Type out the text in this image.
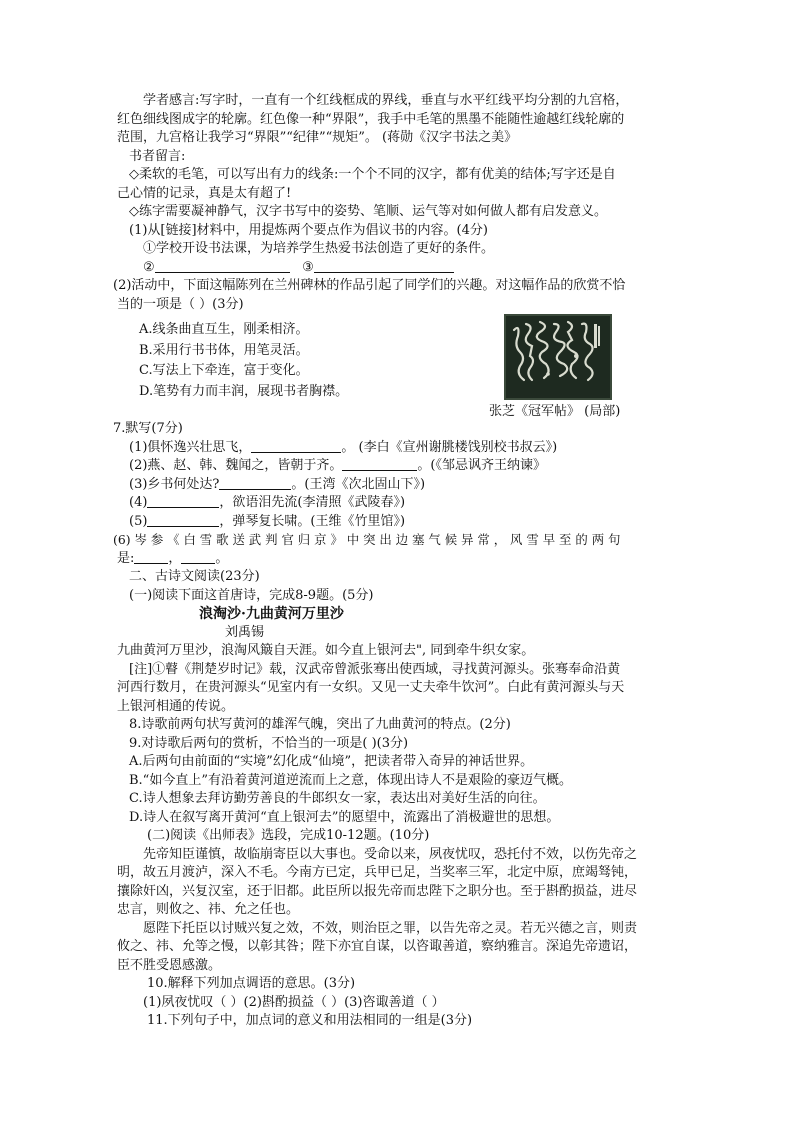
学者感言:写字时，一直有一个红线框成的界线，垂直与水平红线平均分割的九宫格，
红色细线图成字的轮廓。红色像一种“界限”，我手中毛笔的黑墨不能随性逾越红线轮廓的
范围，九宫格让我学习“界限”“纪律”“规矩”。 (蒋勋《汉字书法之美》
书者留言:
◇柔软的毛笔，可以写出有力的线条:一个个不同的汉字，都有优美的结体;写字还是自
己心情的记录，真是太有超了!
◇练字需要凝神静气，汉字书写中的姿势、笔顺、运气等对如何做人都有启发意义。
(1)从[链接]材料中，用提炼两个要点作为倡议书的内容。(4分)
①学校开设书法课，为培养学生热爱书法创造了更好的条件。
②	③
(2)活动中，下面这幅陈列在兰州碑林的作品引起了同学们的兴趣。对这幅作品的欣赏不恰
当的一项是（ ）(3分)
A.线条曲直互生，刚柔相济。
B.采用行书书体，用笔灵活。
C.写法上下牵连，富于变化。
D.笔势有力而丰润，展现书者胸襟。
张芝《冠军帖》 (局部)
7.默写(7分)
(1)俱怀逸兴壮思飞，	。 (李白《宣州谢朓楼饯别校书叔云》)
(2)燕、赵、韩、魏闻之，皆朝于齐。	。(《邹忌讽齐王纳谏》
(3)乡书何处达?	。(王湾《次北固山下》)
(4)	，欲语泪先流(李清照《武陵春》)
(5)	，弹琴复长啸。(王维《竹里馆》)
(6) 岑 参 《 白 雪 歌 送 武 判 官 归 京 》 中 突 出 边 塞 气 候 异 常 ， 风 雪 早 至 的 两 句
是:	，	。
二、古诗文阅读(23分)
(一)阅读下面这首唐诗，完成8-9题。(5分)
浪淘沙·九曲黄河万里沙
刘禹锡
九曲黄河万里沙，浪淘风簸自天涯。如今直上银河去", 同到牵牛织女家。
[注]①瞽《荆楚岁时记》载，汉武帝曾派张骞出使西域，寻找黄河源头。张骞奉命沿黄
河西行数月，在贵河源头“见室内有一女织。又见一丈夫牵牛饮河”。白此有黄河源头与天
上银河相通的传说。
8.诗歌前两句状写黄河的雄浑气魄，突出了九曲黄河的特点。(2分)
9.对诗歌后两句的赏析，不恰当的一项是( )(3分)
A.后两句由前面的“实境”幻化成“仙境”，把读者带入奇异的神话世界。
B.“如今直上”有沿着黄河道逆流而上之意，体现出诗人不是艰险的豪迈气概。
C.诗人想象去拜访勤劳善良的牛郎织女一家，表达出对美好生活的向往。
D.诗人在叙写离开黄河“直上银河去”的愿望中，流露出了消极避世的思想。
(二)阅读《出师表》选段，完成10-12题。(10分)
先帝知臣谨慎，故临崩寄臣以大事也。受命以来，夙夜忧叹，恐托付不效，以伤先帝之
明，故五月渡泸，深入不毛。今南方已定，兵甲已足，当奖率三军，北定中原，庶竭驽钝，
攘除奸凶，兴复汉室，还于旧都。此臣所以报先帝而忠陛下之职分也。至于斟酌损益，进尽
忠言，则攸之、祎、允之任也。
愿陛下托臣以讨贼兴复之效，不效，则治臣之罪，以告先帝之灵。若无兴德之言，则责
攸之、祎、允等之慢，以彰其咎；陛下亦宜自谋，以咨诹善道，察纳雅言。深追先帝遗诏，
臣不胜受恩感激。
10.解释下列加点调语的意思。(3分)
(1)夙夜忧叹（ ）(2)斟酌损益（ ）(3)咨诹善道（ ）
11.下列句子中，加点词的意义和用法相同的一组是(3分)
